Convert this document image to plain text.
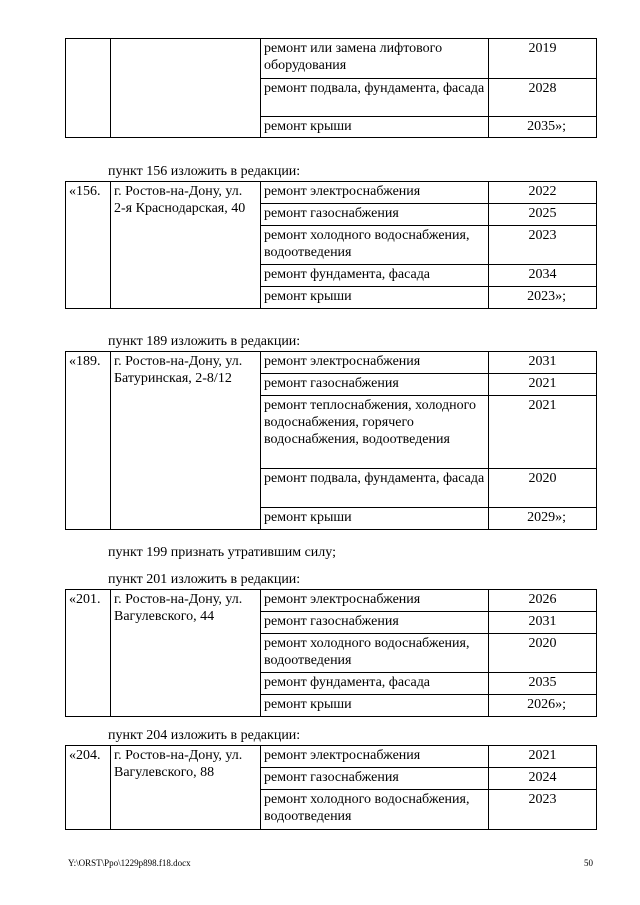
		ремонт или замена лифтового оборудования	2019
		ремонт подвала, фундамента, фасада	2028
		ремонт крыши	2035»;
пункт 156 изложить в редакции:
«156.	г. Ростов-на-Дону, ул. 2-я Краснодарская, 40	ремонт электроснабжения	2022
		ремонт газоснабжения	2025
		ремонт холодного водоснабжения, водоотведения	2023
		ремонт фундамента, фасада	2034
		ремонт крыши	2023»;
пункт 189 изложить в редакции:
«189.	г. Ростов-на-Дону, ул. Батуринская, 2-8/12	ремонт электроснабжения	2031
		ремонт газоснабжения	2021
		ремонт теплоснабжения, холодного водоснабжения, горячего водоснабжения, водоотведения	2021
		ремонт подвала, фундамента, фасада	2020
		ремонт крыши	2029»;
пункт 199 признать утратившим силу;
пункт 201 изложить в редакции:
«201.	г. Ростов-на-Дону, ул. Вагулевского, 44	ремонт электроснабжения	2026
		ремонт газоснабжения	2031
		ремонт холодного водоснабжения, водоотведения	2020
		ремонт фундамента, фасада	2035
		ремонт крыши	2026»;
пункт 204 изложить в редакции:
«204.	г. Ростов-на-Дону, ул. Вагулевского, 88	ремонт электроснабжения	2021
		ремонт газоснабжения	2024
		ремонт холодного водоснабжения, водоотведения	2023
Y:\ORST\Ppo\1229p898.f18.docx	50
